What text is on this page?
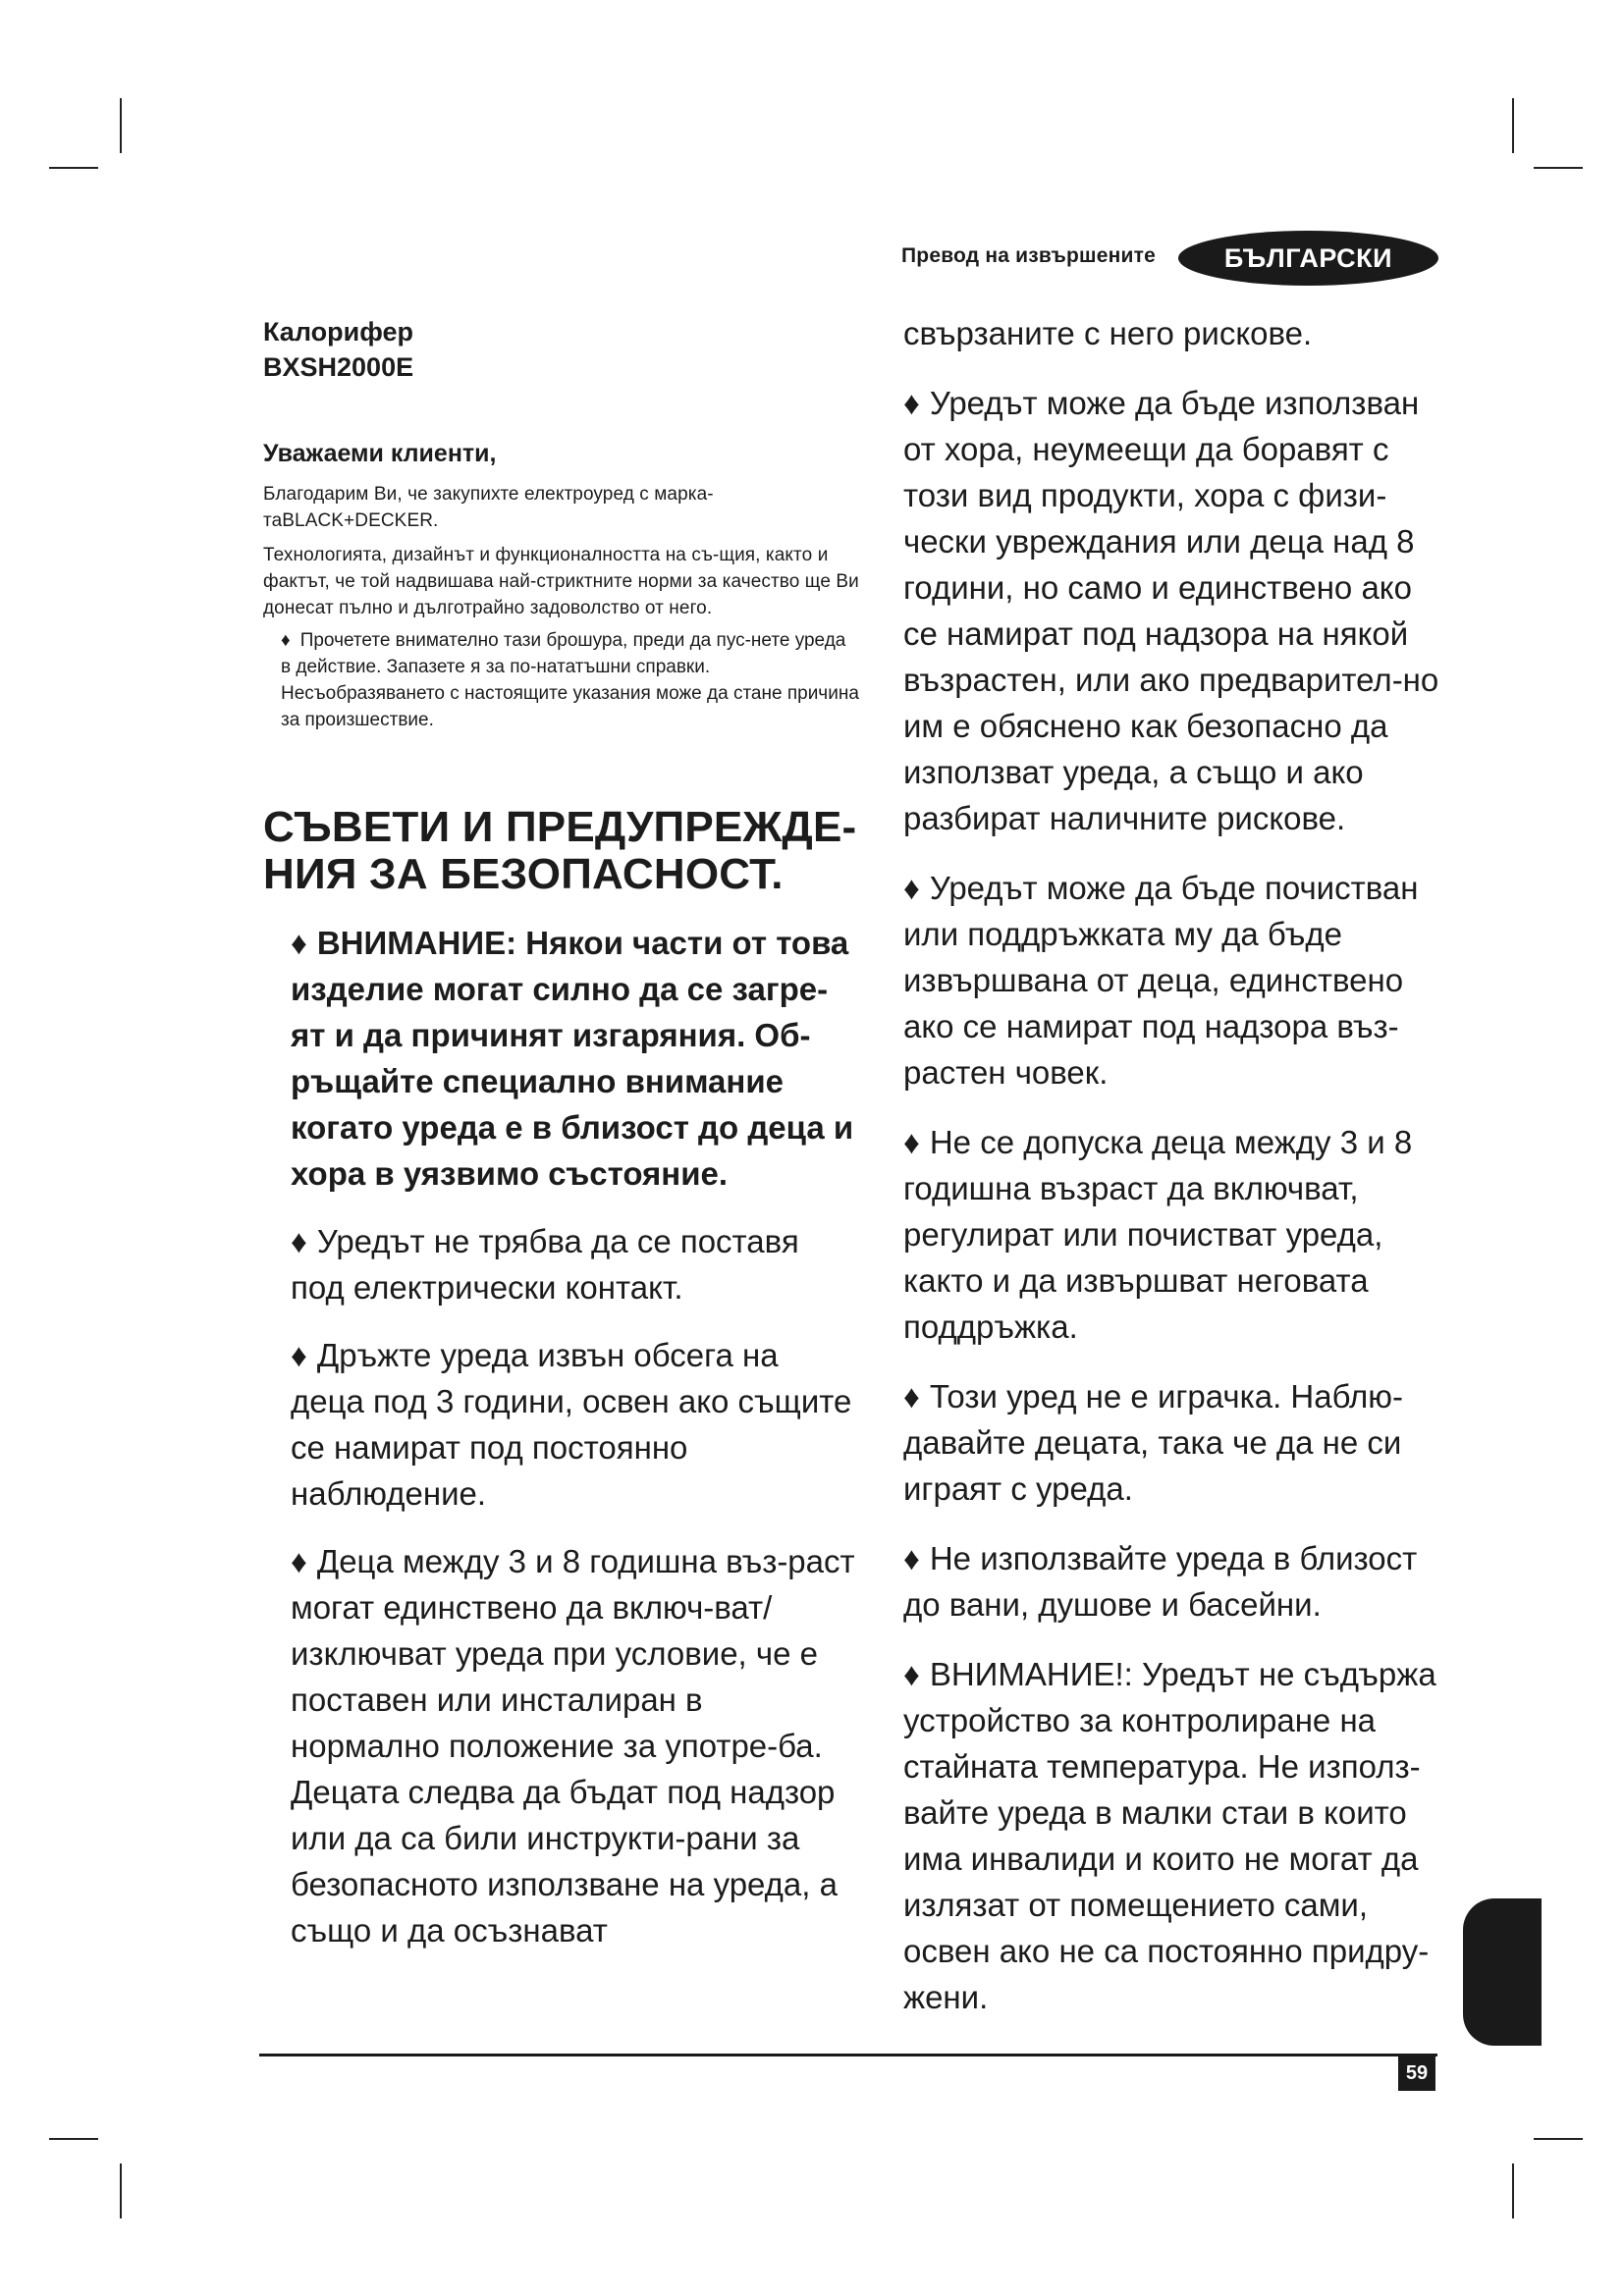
Превод на извършените	БЪЛГАРСКИ
Калорифер
BXSH2000E
Уважаеми клиенти,
Благодарим Ви, че закупихте електроуред с марка-таBLACK+DECKER.
Технологията, дизайнът и функционалността на съ-щия, както и фактът, че той надвишава най-стриктните норми за качество ще Ви донесат пълно и дълготрайно задоволство от него.
♦ Прочетете внимателно тази брошура, преди да пус-нете уреда в действие. Запазете я за по-нататъшни справки. Несъобразяването с настоящите указания може да стане причина за произшествие.
СЪВЕТИ И ПРЕДУПРЕЖДЕ-НИЯ ЗА БЕЗОПАСНОСТ.
♦ ВНИМАНИЕ: Някои части от това изделие могат силно да се загре-ят и да причинят изгаряния. Об-ръщайте специално внимание когато уреда е в близост до деца и хора в уязвимо състояние.
♦ Уредът не трябва да се поставя под електрически контакт.
♦ Дръжте уреда извън обсега на деца под 3 години, освен ако същите се намират под постоянно наблюдение.
♦ Деца между 3 и 8 годишна въз-раст могат единствено да включ-ват/изключват уреда при условие, че е поставен или инсталиран в нормално положение за употре-ба. Децата следва да бъдат под надзор или да са били инструкти-рани за безопасното използване на уреда, а също и да осъзнават
свързаните с него рискове.
♦ Уредът може да бъде използван от хора, неумеещи да боравят с този вид продукти, хора с физи-чески увреждания или деца над 8 години, но само и единствено ако се намират под надзора на някой възрастен, или ако предварител-но им е обяснено как безопасно да използват уреда, а също и ако разбират наличните рискове.
♦ Уредът може да бъде почистван или поддръжката му да бъде извършвана от деца, единствено ако се намират под надзора въз-растен човек.
♦ Не се допуска деца между 3 и 8 годишна възраст да включват, регулират или почистват уреда, както и да извършват неговата поддръжка.
♦ Този уред не е играчка. Наблю-давайте децата, така че да не си играят с уреда.
♦ Не използвайте уреда в близост до вани, душове и басейни.
♦ ВНИМАНИЕ!: Уредът не съдържа устройство за контролиране на стайната температура. Не използ-вайте уреда в малки стаи в които има инвалиди и които не могат да излязат от помещението сами, освен ако не са постоянно придру-жени.
59
